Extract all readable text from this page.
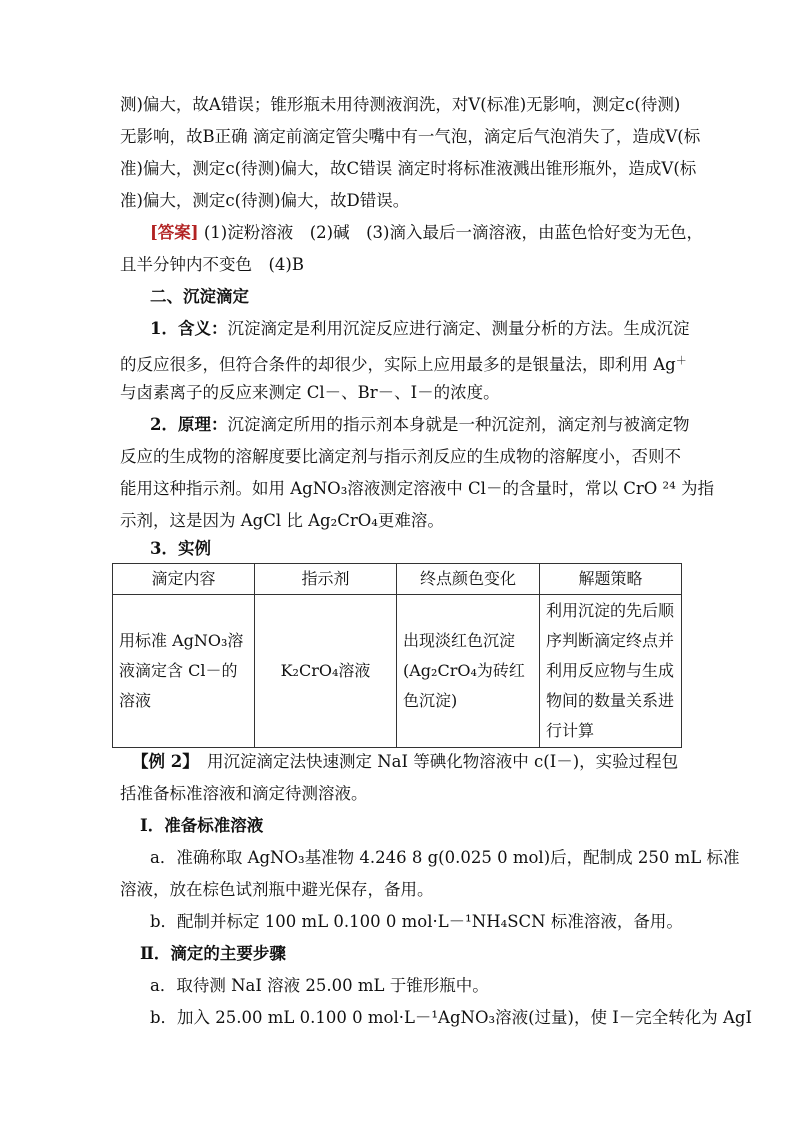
测)偏大，故A错误；锥形瓶未用待测液润洗，对V(标准)无影响，测定c(待测)
无影响，故B正确 滴定前滴定管尖嘴中有一气泡，滴定后气泡消失了，造成V(标
准)偏大，测定c(待测)偏大，故C错误 滴定时将标准液溅出锥形瓶外，造成V(标
准)偏大，测定c(待测)偏大，故D错误。
[答案] (1)淀粉溶液　(2)碱　(3)滴入最后一滴溶液，由蓝色恰好变为无色，
且半分钟内不变色　(4)B
二、沉淀滴定
1．含义：沉淀滴定是利用沉淀反应进行滴定、测量分析的方法。生成沉淀
的反应很多，但符合条件的却很少，实际上应用最多的是银量法，即利用 Ag＋
与卤素离子的反应来测定 Cl－、Br－、I－的浓度。
2．原理：沉淀滴定所用的指示剂本身就是一种沉淀剂，滴定剂与被滴定物
反应的生成物的溶解度要比滴定剂与指示剂反应的生成物的溶解度小，否则不
能用这种指示剂。如用 AgNO₃溶液测定溶液中 Cl－的含量时，常以 CrO ²⁴ 为指
示剂，这是因为 AgCl 比 Ag₂CrO₄更难溶。
3．实例
滴定内容	指示剂	终点颜色变化	解题策略
用标准 AgNO₃溶液滴定含 Cl－的溶液	K₂CrO₄溶液	出现淡红色沉淀(Ag₂CrO₄为砖红色沉淀)	利用沉淀的先后顺序判断滴定终点并利用反应物与生成物间的数量关系进行计算
【例 2】　用沉淀滴定法快速测定 NaI 等碘化物溶液中 c(I－)，实验过程包
括准备标准溶液和滴定待测溶液。
Ⅰ．准备标准溶液
a．准确称取 AgNO₃基准物 4.246 8 g(0.025 0 mol)后，配制成 250 mL 标准
溶液，放在棕色试剂瓶中避光保存，备用。
b．配制并标定 100 mL 0.100 0 mol·L－¹NH₄SCN 标准溶液，备用。
Ⅱ．滴定的主要步骤
a．取待测 NaI 溶液 25.00 mL 于锥形瓶中。
b．加入 25.00 mL 0.100 0 mol·L－¹AgNO₃溶液(过量)，使 I－完全转化为 AgI
